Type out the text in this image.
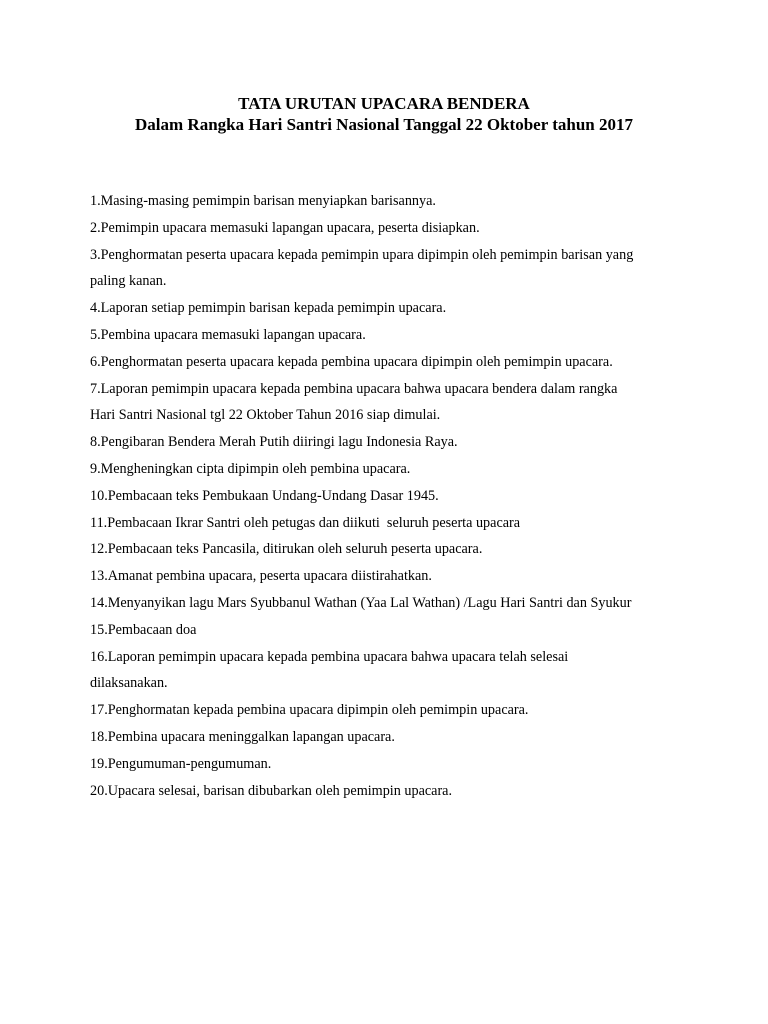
TATA URUTAN UPACARA BENDERA
Dalam Rangka Hari Santri Nasional Tanggal 22 Oktober tahun 2017
1.Masing-masing pemimpin barisan menyiapkan barisannya.
2.Pemimpin upacara memasuki lapangan upacara, peserta disiapkan.
3.Penghormatan peserta upacara kepada pemimpin upara dipimpin oleh pemimpin barisan yang
paling kanan.
4.Laporan setiap pemimpin barisan kepada pemimpin upacara.
5.Pembina upacara memasuki lapangan upacara.
6.Penghormatan peserta upacara kepada pembina upacara dipimpin oleh pemimpin upacara.
7.Laporan pemimpin upacara kepada pembina upacara bahwa upacara bendera dalam rangka
Hari Santri Nasional tgl 22 Oktober Tahun 2016 siap dimulai.
8.Pengibaran Bendera Merah Putih diiringi lagu Indonesia Raya.
9.Mengheningkan cipta dipimpin oleh pembina upacara.
10.Pembacaan teks Pembukaan Undang-Undang Dasar 1945.
11.Pembacaan Ikrar Santri oleh petugas dan diikuti  seluruh peserta upacara
12.Pembacaan teks Pancasila, ditirukan oleh seluruh peserta upacara.
13.Amanat pembina upacara, peserta upacara diistirahatkan.
14.Menyanyikan lagu Mars Syubbanul Wathan (Yaa Lal Wathan) /Lagu Hari Santri dan Syukur
15.Pembacaan doa
16.Laporan pemimpin upacara kepada pembina upacara bahwa upacara telah selesai
dilaksanakan.
17.Penghormatan kepada pembina upacara dipimpin oleh pemimpin upacara.
18.Pembina upacara meninggalkan lapangan upacara.
19.Pengumuman-pengumuman.
20.Upacara selesai, barisan dibubarkan oleh pemimpin upacara.
